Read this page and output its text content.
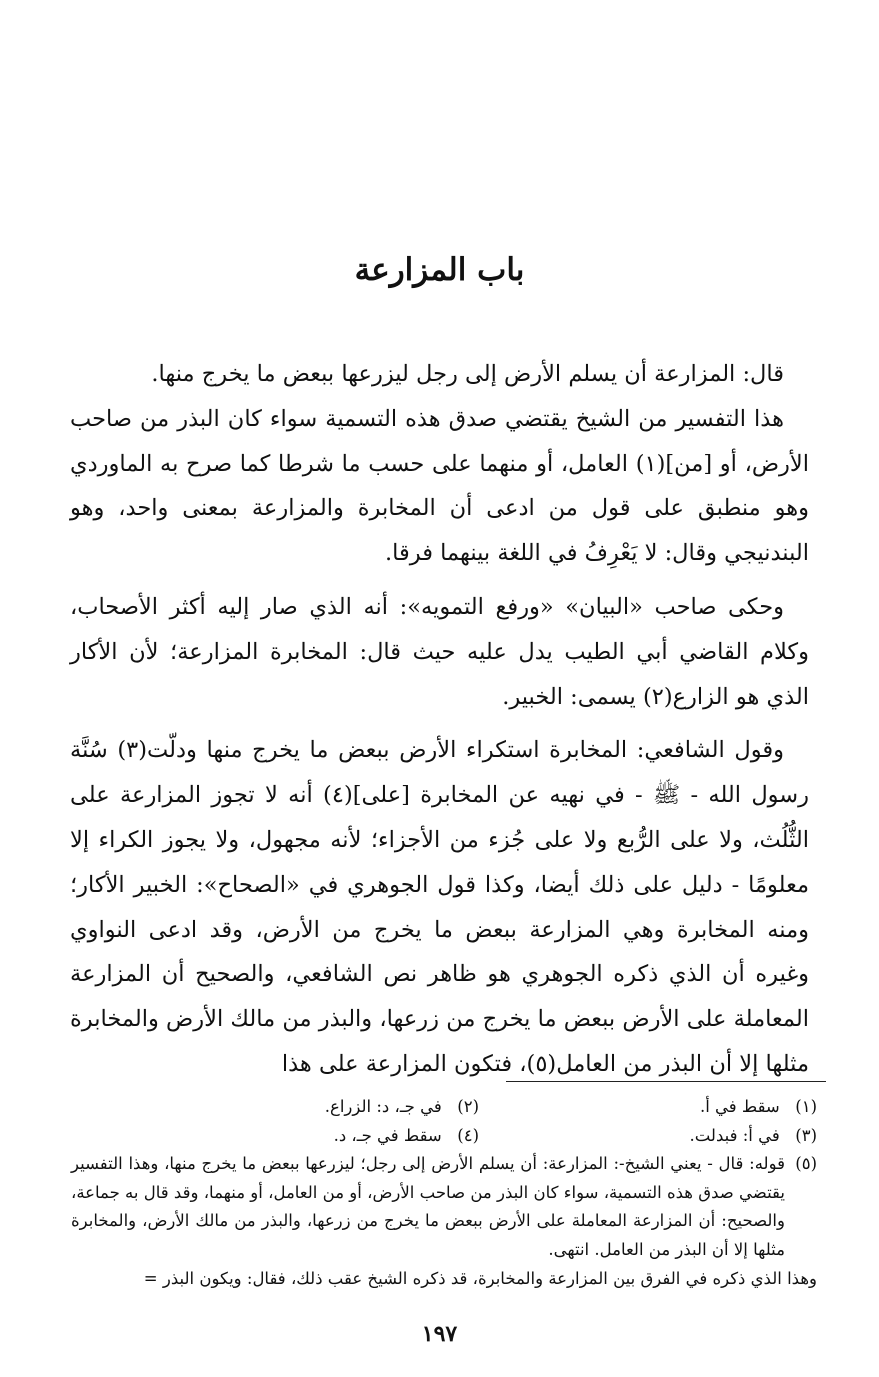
باب المزارعة

قال: المزارعة أن يسلم الأرض إلى رجل ليزرعها ببعض ما يخرج منها.

هذا التفسير من الشيخ يقتضي صدق هذه التسمية سواء كان البذر من صاحب الأرض، أو [من](١) العامل، أو منهما على حسب ما شرطا كما صرح به الماوردي وهو منطبق على قول من ادعى أن المخابرة والمزارعة بمعنى واحد، وهو البندنيجي وقال: لا يَعْرِفُ في اللغة بينهما فرقا.

وحكى صاحب «البيان» «ورفع التمويه»: أنه الذي صار إليه أكثر الأصحاب، وكلام القاضي أبي الطيب يدل عليه حيث قال: المخابرة المزارعة؛ لأن الأكار الذي هو الزارع(٢) يسمى: الخبير.

وقول الشافعي: المخابرة استكراء الأرض ببعض ما يخرج منها ودلّت(٣) سُنَّة رسول الله - ﷺ - في نهيه عن المخابرة [على](٤) أنه لا تجوز المزارعة على الثُّلُث، ولا على الرُّبع ولا على جُزء من الأجزاء؛ لأنه مجهول، ولا يجوز الكراء إلا معلومًا - دليل على ذلك أيضا، وكذا قول الجوهري في «الصحاح»: الخبير الأكار؛ ومنه المخابرة وهي المزارعة ببعض ما يخرج من الأرض، وقد ادعى النواوي وغيره أن الذي ذكره الجوهري هو ظاهر نص الشافعي، والصحيح أن المزارعة المعاملة على الأرض ببعض ما يخرج من زرعها، والبذر من مالك الأرض والمخابرة مثلها إلا أن البذر من العامل(٥)، فتكون المزارعة على هذا

(١) سقط في أ.
(٢) في جـ، د: الزراع.
(٣) في أ: فبدلت.
(٤) سقط في جـ، د.
(٥)
قوله: قال - يعني الشيخ-: المزارعة: أن يسلم الأرض إلى رجل؛ ليزرعها ببعض ما يخرج منها، وهذا التفسير يقتضي صدق هذه التسمية، سواء كان البذر من صاحب الأرض، أو من العامل، أو منهما، وقد قال به جماعة، والصحيح: أن المزارعة المعاملة على الأرض ببعض ما يخرج من زرعها، والبذر من مالك الأرض، والمخابرة مثلها إلا أن البذر من العامل. انتهى.

وهذا الذي ذكره في الفرق بين المزارعة والمخابرة، قد ذكره الشيخ عقب ذلك، فقال: ويكون البذر =

١٩٧
